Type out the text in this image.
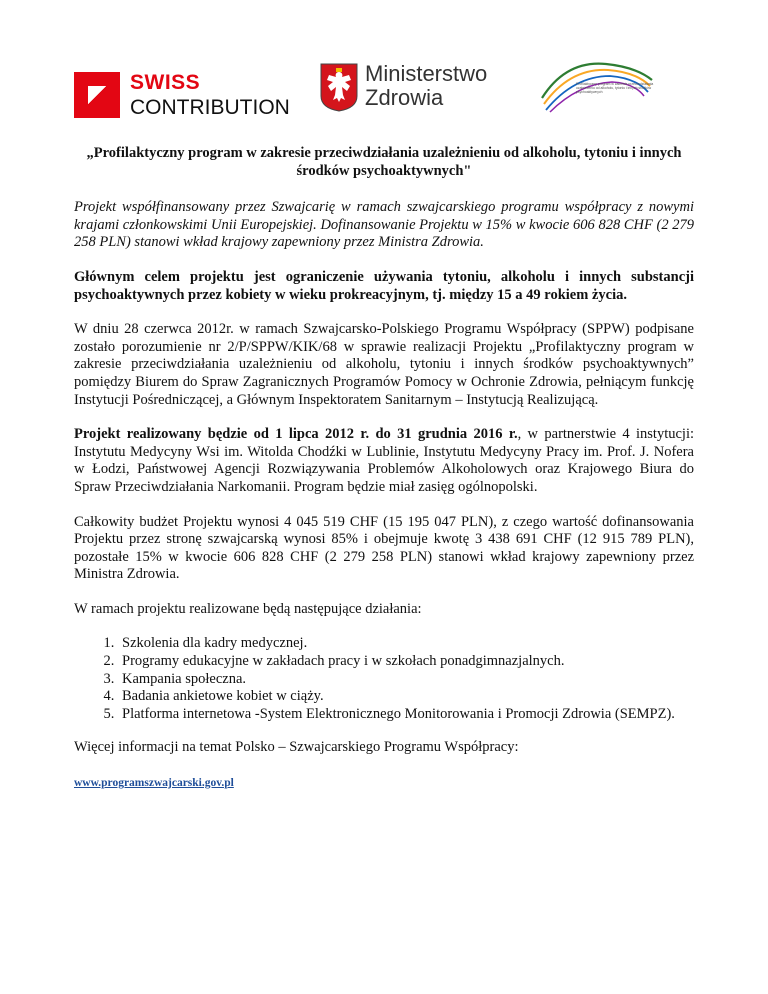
SWISS
CONTRIBUTION
Ministerstwo
Zdrowia
Profilaktyczny program w zakresie przeciwdziałania uzależnieniu od alkoholu, tytoniu i innych środków psychoaktywnych
„Profilaktyczny program w zakresie przeciwdziałania uzależnieniu od alkoholu, tytoniu i innych środków psychoaktywnych"

Projekt współfinansowany przez Szwajcarię w ramach szwajcarskiego programu współpracy z nowymi krajami członkowskimi Unii Europejskiej. Dofinansowanie Projektu w 15% w kwocie 606 828 CHF (2 279 258 PLN) stanowi wkład krajowy zapewniony przez Ministra Zdrowia.

Głównym celem projektu jest ograniczenie używania tytoniu, alkoholu i innych substancji psychoaktywnych przez kobiety w wieku prokreacyjnym, tj. między 15 a 49 rokiem życia.

W dniu 28 czerwca 2012r. w ramach Szwajcarsko-Polskiego Programu Współpracy (SPPW) podpisane zostało porozumienie nr 2/P/SPPW/KIK/68 w sprawie realizacji Projektu „Profilaktyczny program w zakresie przeciwdziałania uzależnieniu od alkoholu, tytoniu i innych środków psychoaktywnych” pomiędzy Biurem do Spraw Zagranicznych Programów Pomocy w Ochronie Zdrowia, pełniącym funkcję Instytucji Pośredniczącej, a Głównym Inspektoratem Sanitarnym – Instytucją Realizującą.

Projekt realizowany będzie od 1 lipca 2012 r. do 31 grudnia 2016 r., w partnerstwie 4 instytucji: Instytutu Medycyny Wsi im. Witolda Chodźki w Lublinie, Instytutu Medycyny Pracy im. Prof. J. Nofera w Łodzi, Państwowej Agencji Rozwiązywania Problemów Alkoholowych oraz Krajowego Biura do Spraw Przeciwdziałania Narkomanii. Program będzie miał zasięg ogólnopolski.

Całkowity budżet Projektu wynosi 4 045 519 CHF (15 195 047 PLN), z czego wartość dofinansowania Projektu przez stronę szwajcarską wynosi 85% i obejmuje kwotę 3 438 691 CHF (12 915 789 PLN), pozostałe 15% w kwocie 606 828 CHF (2 279 258 PLN) stanowi wkład krajowy zapewniony przez Ministra Zdrowia.

W ramach projektu realizowane będą następujące działania:

1. Szkolenia dla kadry medycznej.
2. Programy edukacyjne w zakładach pracy i w szkołach ponadgimnazjalnych.
3. Kampania społeczna.
4. Badania ankietowe kobiet w ciąży.
5. Platforma internetowa -System Elektronicznego Monitorowania i Promocji Zdrowia (SEMPZ).

Więcej informacji na temat Polsko – Szwajcarskiego Programu Współpracy:

www.programszwajcarski.gov.pl
